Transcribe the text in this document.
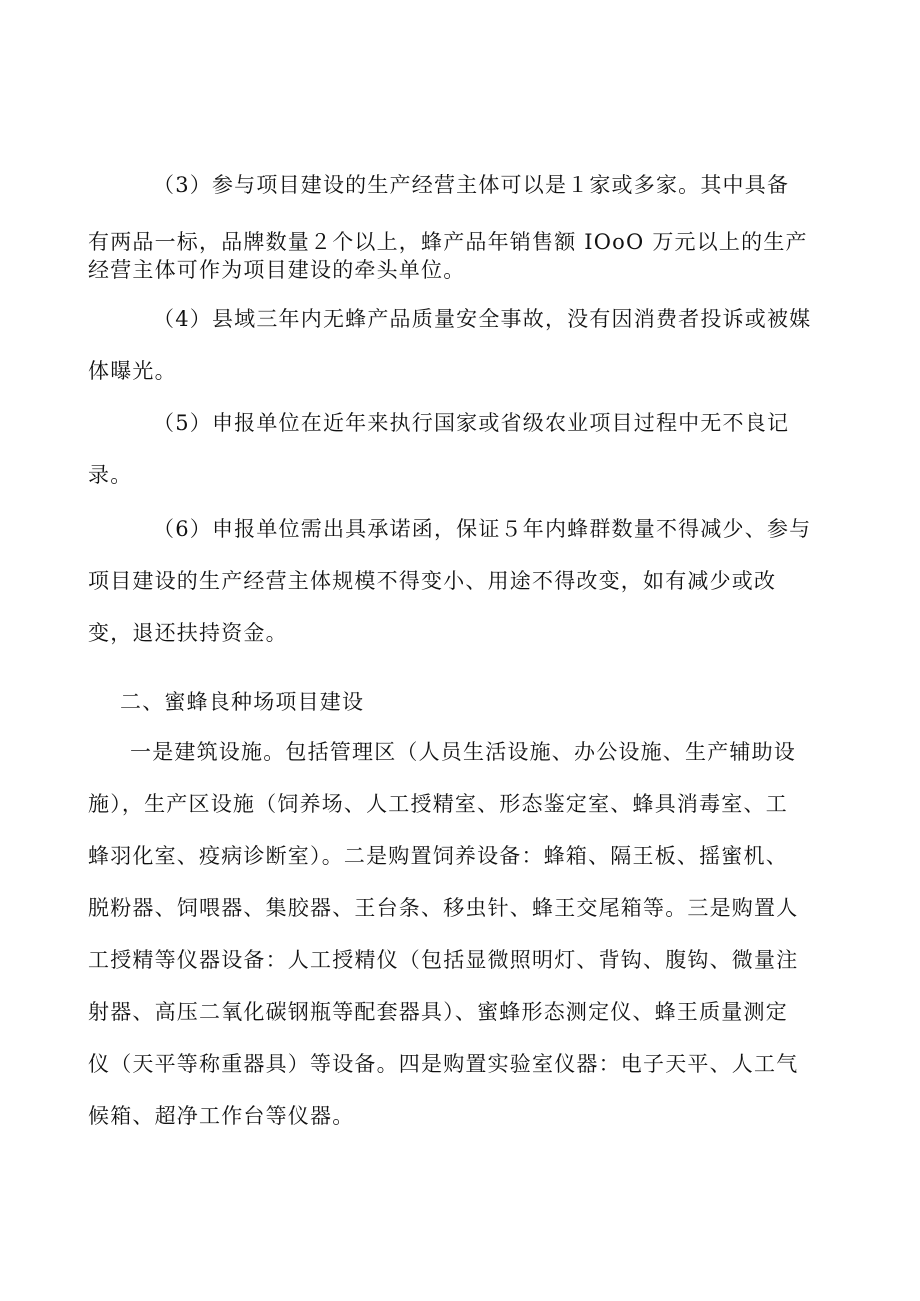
（3）参与项目建设的生产经营主体可以是１家或多家。其中具备
有两品一标，品牌数量２个以上，蜂产品年销售额 IOoO 万元以上的生产
经营主体可作为项目建设的牵头单位。
（4）县域三年内无蜂产品质量安全事故，没有因消费者投诉或被媒
体曝光。
（5）申报单位在近年来执行国家或省级农业项目过程中无不良记
录。
（6）申报单位需出具承诺函，保证５年内蜂群数量不得减少、参与
项目建设的生产经营主体规模不得变小、用途不得改变，如有减少或改
变，退还扶持资金。
二、蜜蜂良种场项目建设
一是建筑设施。包括管理区（人员生活设施、办公设施、生产辅助设
施），生产区设施（饲养场、人工授精室、形态鉴定室、蜂具消毒室、工
蜂羽化室、疫病诊断室）。二是购置饲养设备：蜂箱、隔王板、摇蜜机、
脱粉器、饲喂器、集胶器、王台条、移虫针、蜂王交尾箱等。三是购置人
工授精等仪器设备：人工授精仪（包括显微照明灯、背钩、腹钩、微量注
射器、高压二氧化碳钢瓶等配套器具）、蜜蜂形态测定仪、蜂王质量测定
仪（天平等称重器具）等设备。四是购置实验室仪器：电子天平、人工气
候箱、超净工作台等仪器。
